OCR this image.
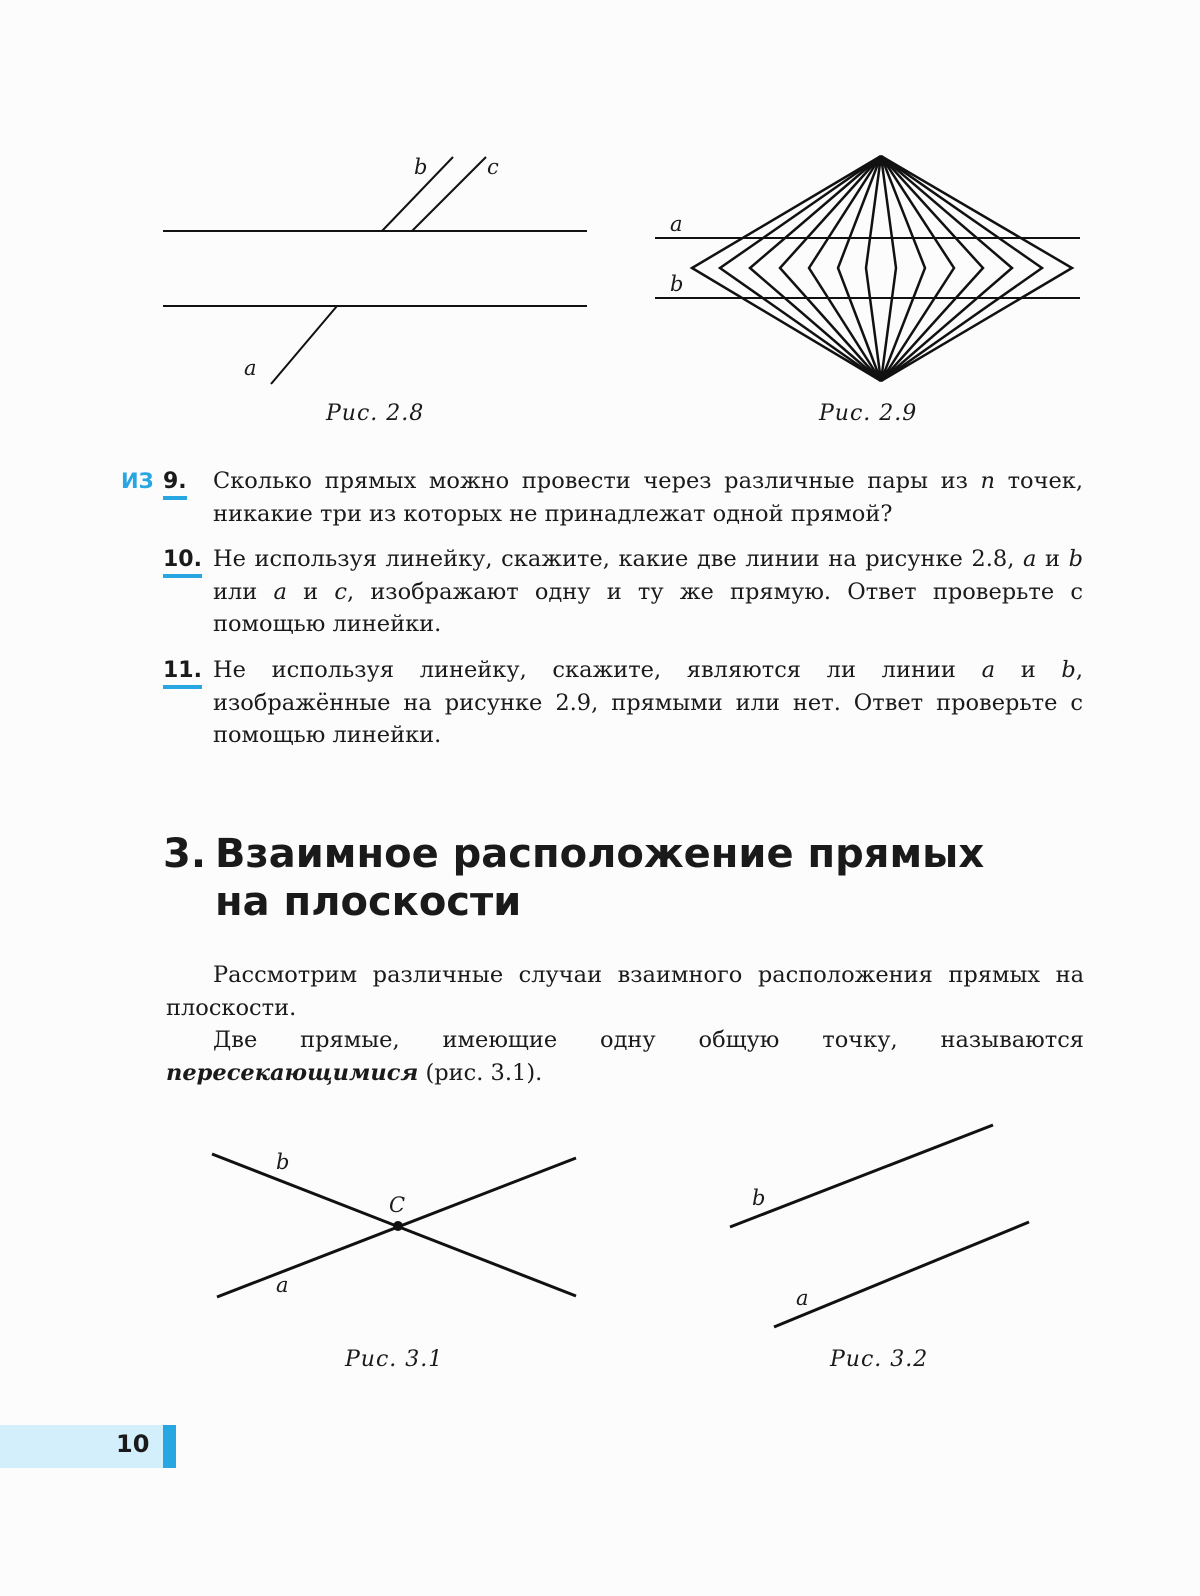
b	c
a
Рис. 2.8
a
b
Рис. 2.9
ИЗ 9. Сколько прямых можно провести через различные пары из n точек, никакие три из которых не принадлежат одной прямой?
10. Не используя линейку, скажите, какие две линии на рисунке 2.8, a и b или a и c, изображают одну и ту же прямую. Ответ проверьте с помощью линейки.
11. Не используя линейку, скажите, являются ли линии a и b, изображённые на рисунке 2.9, прямыми или нет. Ответ проверьте с помощью линейки.
3. Взаимное расположение прямых
на плоскости
Рассмотрим различные случаи взаимного расположения прямых на плоскости.
Две прямые, имеющие одну общую точку, называются пересекающимися (рис. 3.1).
b
C
a
Рис. 3.1
b
a
Рис. 3.2
10
